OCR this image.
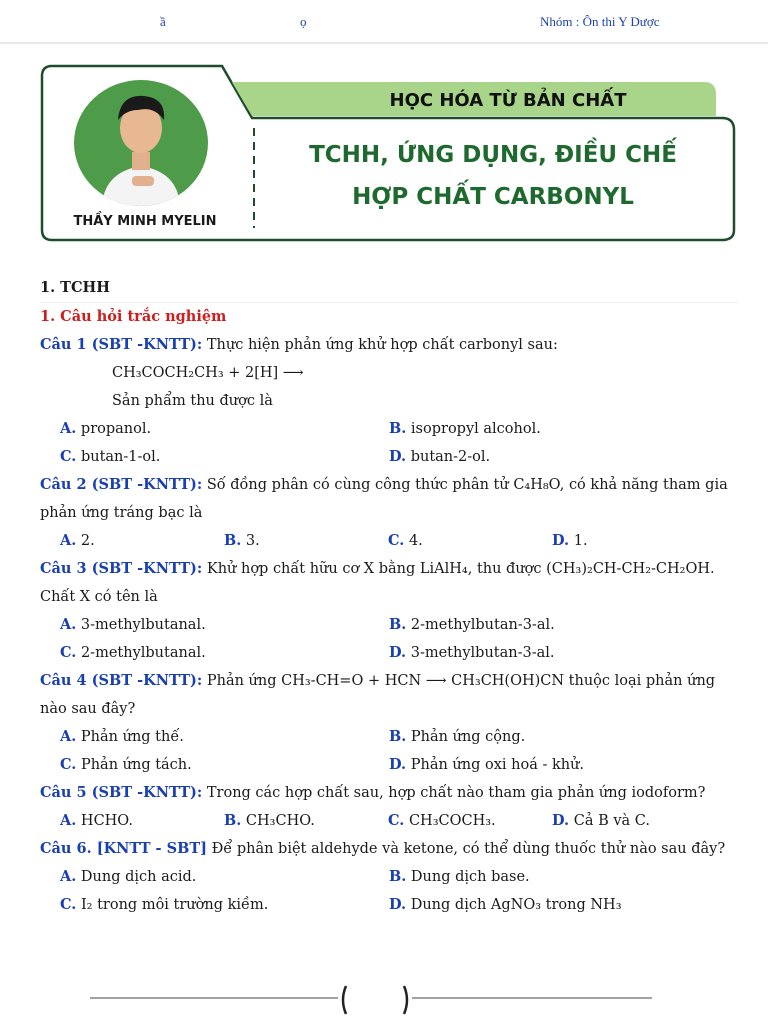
ầ	ọ	Nhóm : Ôn thi Y Dược
THẦY MINH MYELIN
HỌC HÓA TỪ BẢN CHẤT
TCHH, ỨNG DỤNG, ĐIỀU CHẾ
HỢP CHẤT CARBONYL

1. TCHH

1. Câu hỏi trắc nghiệm

Câu 1 (SBT -KNTT): Thực hiện phản ứng khử hợp chất carbonyl sau:

CH₃COCH₂CH₃ + 2[H] ⟶

Sản phẩm thu được là

A. propanol.	B. isopropyl alcohol.
C. butan-1-ol.	D. butan-2-ol.

Câu 2 (SBT -KNTT): Số đồng phân có cùng công thức phân tử C₄H₈O, có khả năng tham gia phản ứng tráng bạc là

A. 2.	B. 3.	C. 4.	D. 1.

Câu 3 (SBT -KNTT): Khử hợp chất hữu cơ X bằng LiAlH₄, thu được (CH₃)₂CH-CH₂-CH₂OH. Chất X có tên là

A. 3-methylbutanal.	B. 2-methylbutan-3-al.
C. 2-methylbutanal.	D. 3-methylbutan-3-al.

Câu 4 (SBT -KNTT): Phản ứng CH₃-CH=O + HCN ⟶ CH₃CH(OH)CN thuộc loại phản ứng nào sau đây?

A. Phản ứng thế.	B. Phản ứng cộng.
C. Phản ứng tách.	D. Phản ứng oxi hoá - khử.

Câu 5 (SBT -KNTT): Trong các hợp chất sau, hợp chất nào tham gia phản ứng iodoform?

A. HCHO.	B. CH₃CHO.	C. CH₃COCH₃.	D. Cả B và C.

Câu 6. [KNTT - SBT] Để phân biệt aldehyde và ketone, có thể dùng thuốc thử nào sau đây?

A. Dung dịch acid.	B. Dung dịch base.
C. I₂ trong môi trường kiềm.	D. Dung dịch AgNO₃ trong NH₃
